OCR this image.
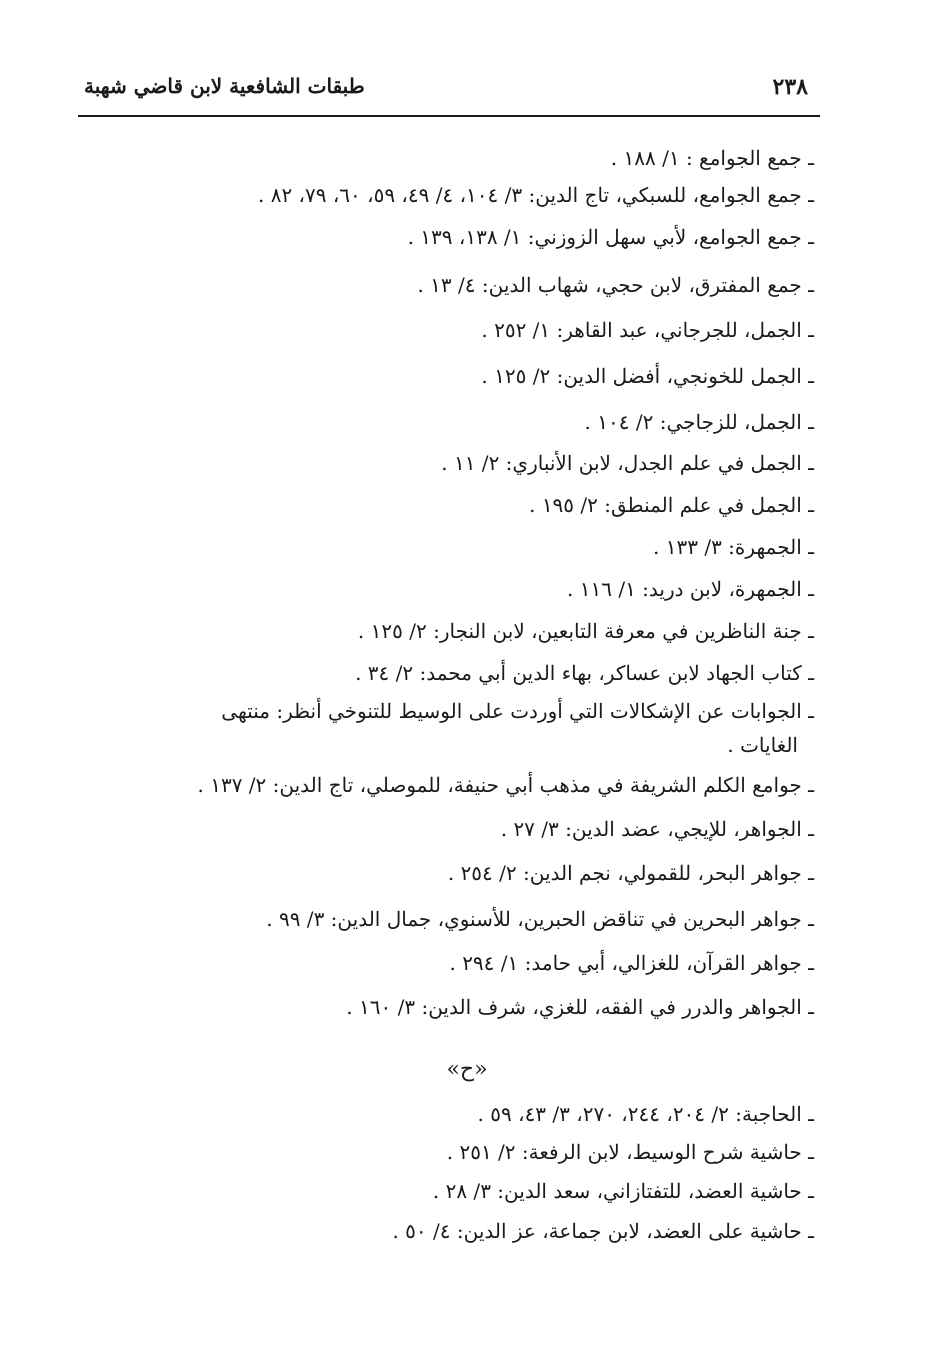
٢٣٨
طبقات الشافعية لابن قاضي شهبة
ـ جمع الجوامع : ١/ ١٨٨ .
ـ جمع الجوامع، للسبكي، تاج الدين: ٣/ ١٠٤، ٤/ ٤٩، ٥٩، ٦٠، ٧٩، ٨٢ .
ـ جمع الجوامع، لأبي سهل الزوزني: ١/ ١٣٨، ١٣٩ .
ـ جمع المفترق، لابن حجي، شهاب الدين: ٤/ ١٣ .
ـ الجمل، للجرجاني، عبد القاهر: ١/ ٢٥٢ .
ـ الجمل للخونجي، أفضل الدين: ٢/ ١٢٥ .
ـ الجمل، للزجاجي: ٢/ ١٠٤ .
ـ الجمل في علم الجدل، لابن الأنباري: ٢/ ١١ .
ـ الجمل في علم المنطق: ٢/ ١٩٥ .
ـ الجمهرة: ٣/ ١٣٣ .
ـ الجمهرة، لابن دريد: ١/ ١١٦ .
ـ جنة الناظرين في معرفة التابعين، لابن النجار: ٢/ ١٢٥ .
ـ كتاب الجهاد لابن عساكر، بهاء الدين أبي محمد: ٢/ ٣٤ .
ـ الجوابات عن الإشكالات التي أوردت على الوسيط للتنوخي أنظر: منتهى
الغايات .
ـ جوامع الكلم الشريفة في مذهب أبي حنيفة، للموصلي، تاج الدين: ٢/ ١٣٧ .
ـ الجواهر، للإيجي، عضد الدين: ٣/ ٢٧ .
ـ جواهر البحر، للقمولي، نجم الدين: ٢/ ٢٥٤ .
ـ جواهر البحرين في تناقض الحبرين، للأسنوي، جمال الدين: ٣/ ٩٩ .
ـ جواهر القرآن، للغزالي، أبي حامد: ١/ ٢٩٤ .
ـ الجواهر والدرر في الفقه، للغزي، شرف الدين: ٣/ ١٦٠ .
«ح»
ـ الحاجبة: ٢/ ٢٠٤، ٢٤٤، ٢٧٠، ٣/ ٤٣، ٥٩ .
ـ حاشية شرح الوسيط، لابن الرفعة: ٢/ ٢٥١ .
ـ حاشية العضد، للتفتازاني، سعد الدين: ٣/ ٢٨ .
ـ حاشية على العضد، لابن جماعة، عز الدين: ٤/ ٥٠ .
